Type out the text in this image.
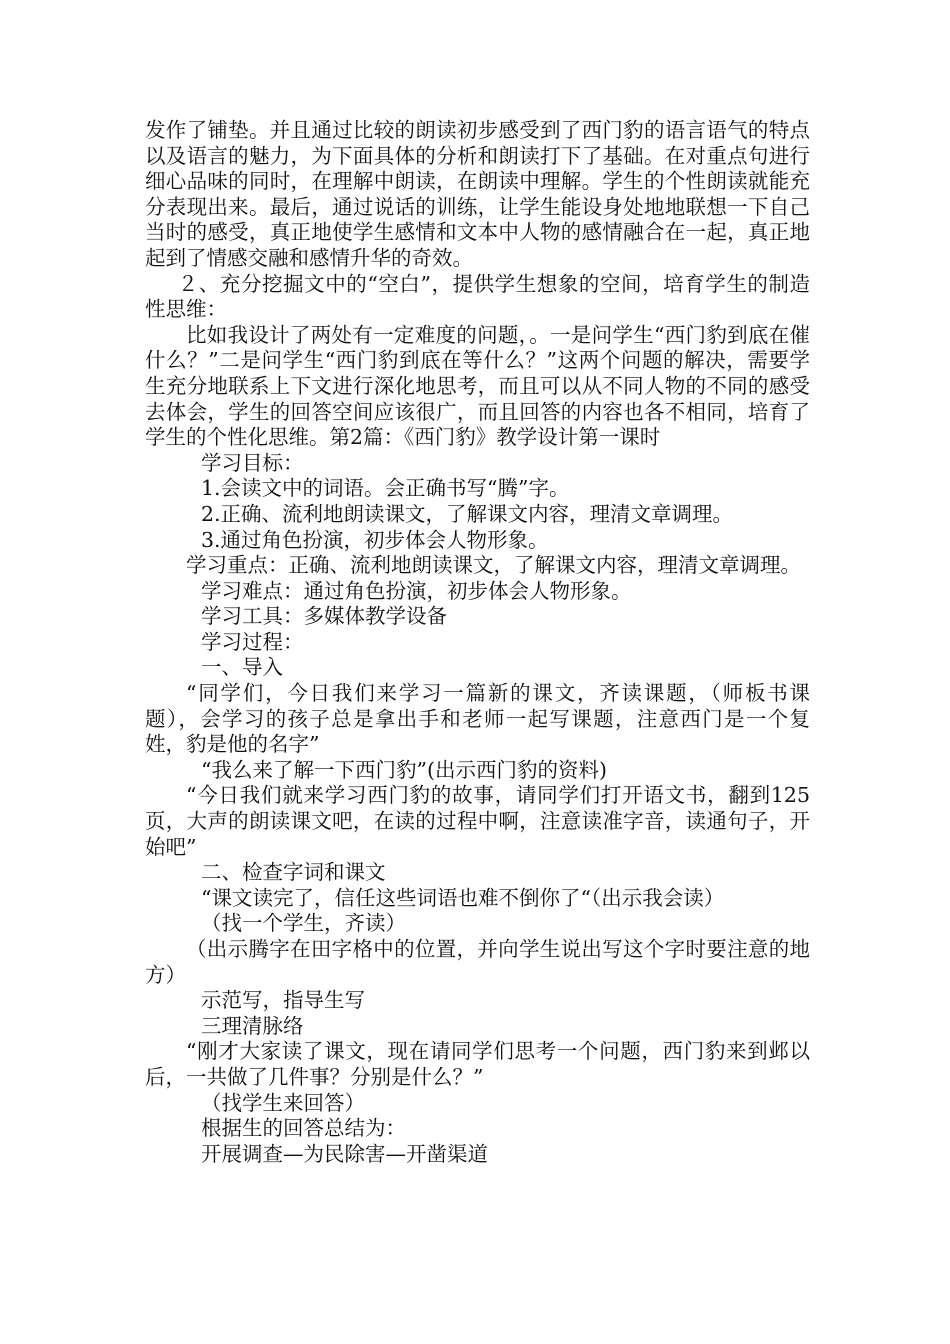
发作了铺垫。并且通过比较的朗读初步感受到了西门豹的语言语气的特点以及语言的魅力，为下面具体的分析和朗读打下了基础。在对重点句进行细心品味的同时，在理解中朗读，在朗读中理解。学生的个性朗读就能充分表现出来。最后，通过说话的训练，让学生能设身处地地联想一下自己当时的感受，真正地使学生感情和文本中人物的感情融合在一起，真正地起到了情感交融和感情升华的奇效。

２、充分挖掘文中的“空白”，提供学生想象的空间，培育学生的制造性思维：

比如我设计了两处有一定难度的问题，。一是问学生“西门豹到底在催什么？”二是问学生“西门豹到底在等什么？”这两个问题的解决，需要学生充分地联系上下文进行深化地思考，而且可以从不同人物的不同的感受去体会，学生的回答空间应该很广，而且回答的内容也各不相同，培育了学生的个性化思维。第2篇：《西门豹》教学设计第一课时

学习目标：

1.会读文中的词语。会正确书写“腾”字。

2.正确、流利地朗读课文，了解课文内容，理清文章调理。

3.通过角色扮演，初步体会人物形象。

学习重点：正确、流利地朗读课文，了解课文内容，理清文章调理。

学习难点：通过角色扮演，初步体会人物形象。

学习工具：多媒体教学设备

学习过程：

一、导入

“同学们，今日我们来学习一篇新的课文，齐读课题，（师板书课题），会学习的孩子总是拿出手和老师一起写课题，注意西门是一个复姓，豹是他的名字”

“我么来了解一下西门豹”(出示西门豹的资料)

“今日我们就来学习西门豹的故事，请同学们打开语文书，翻到125页，大声的朗读课文吧，在读的过程中啊，注意读准字音，读通句子，开始吧”

二、检查字词和课文

“课文读完了，信任这些词语也难不倒你了“（出示我会读）

（找一个学生，齐读）

（出示腾字在田字格中的位置，并向学生说出写这个字时要注意的地方）

示范写，指导生写

三理清脉络

“刚才大家读了课文，现在请同学们思考一个问题，西门豹来到邺以后，一共做了几件事？分别是什么？”

（找学生来回答）

根据生的回答总结为：

开展调查—为民除害—开凿渠道
